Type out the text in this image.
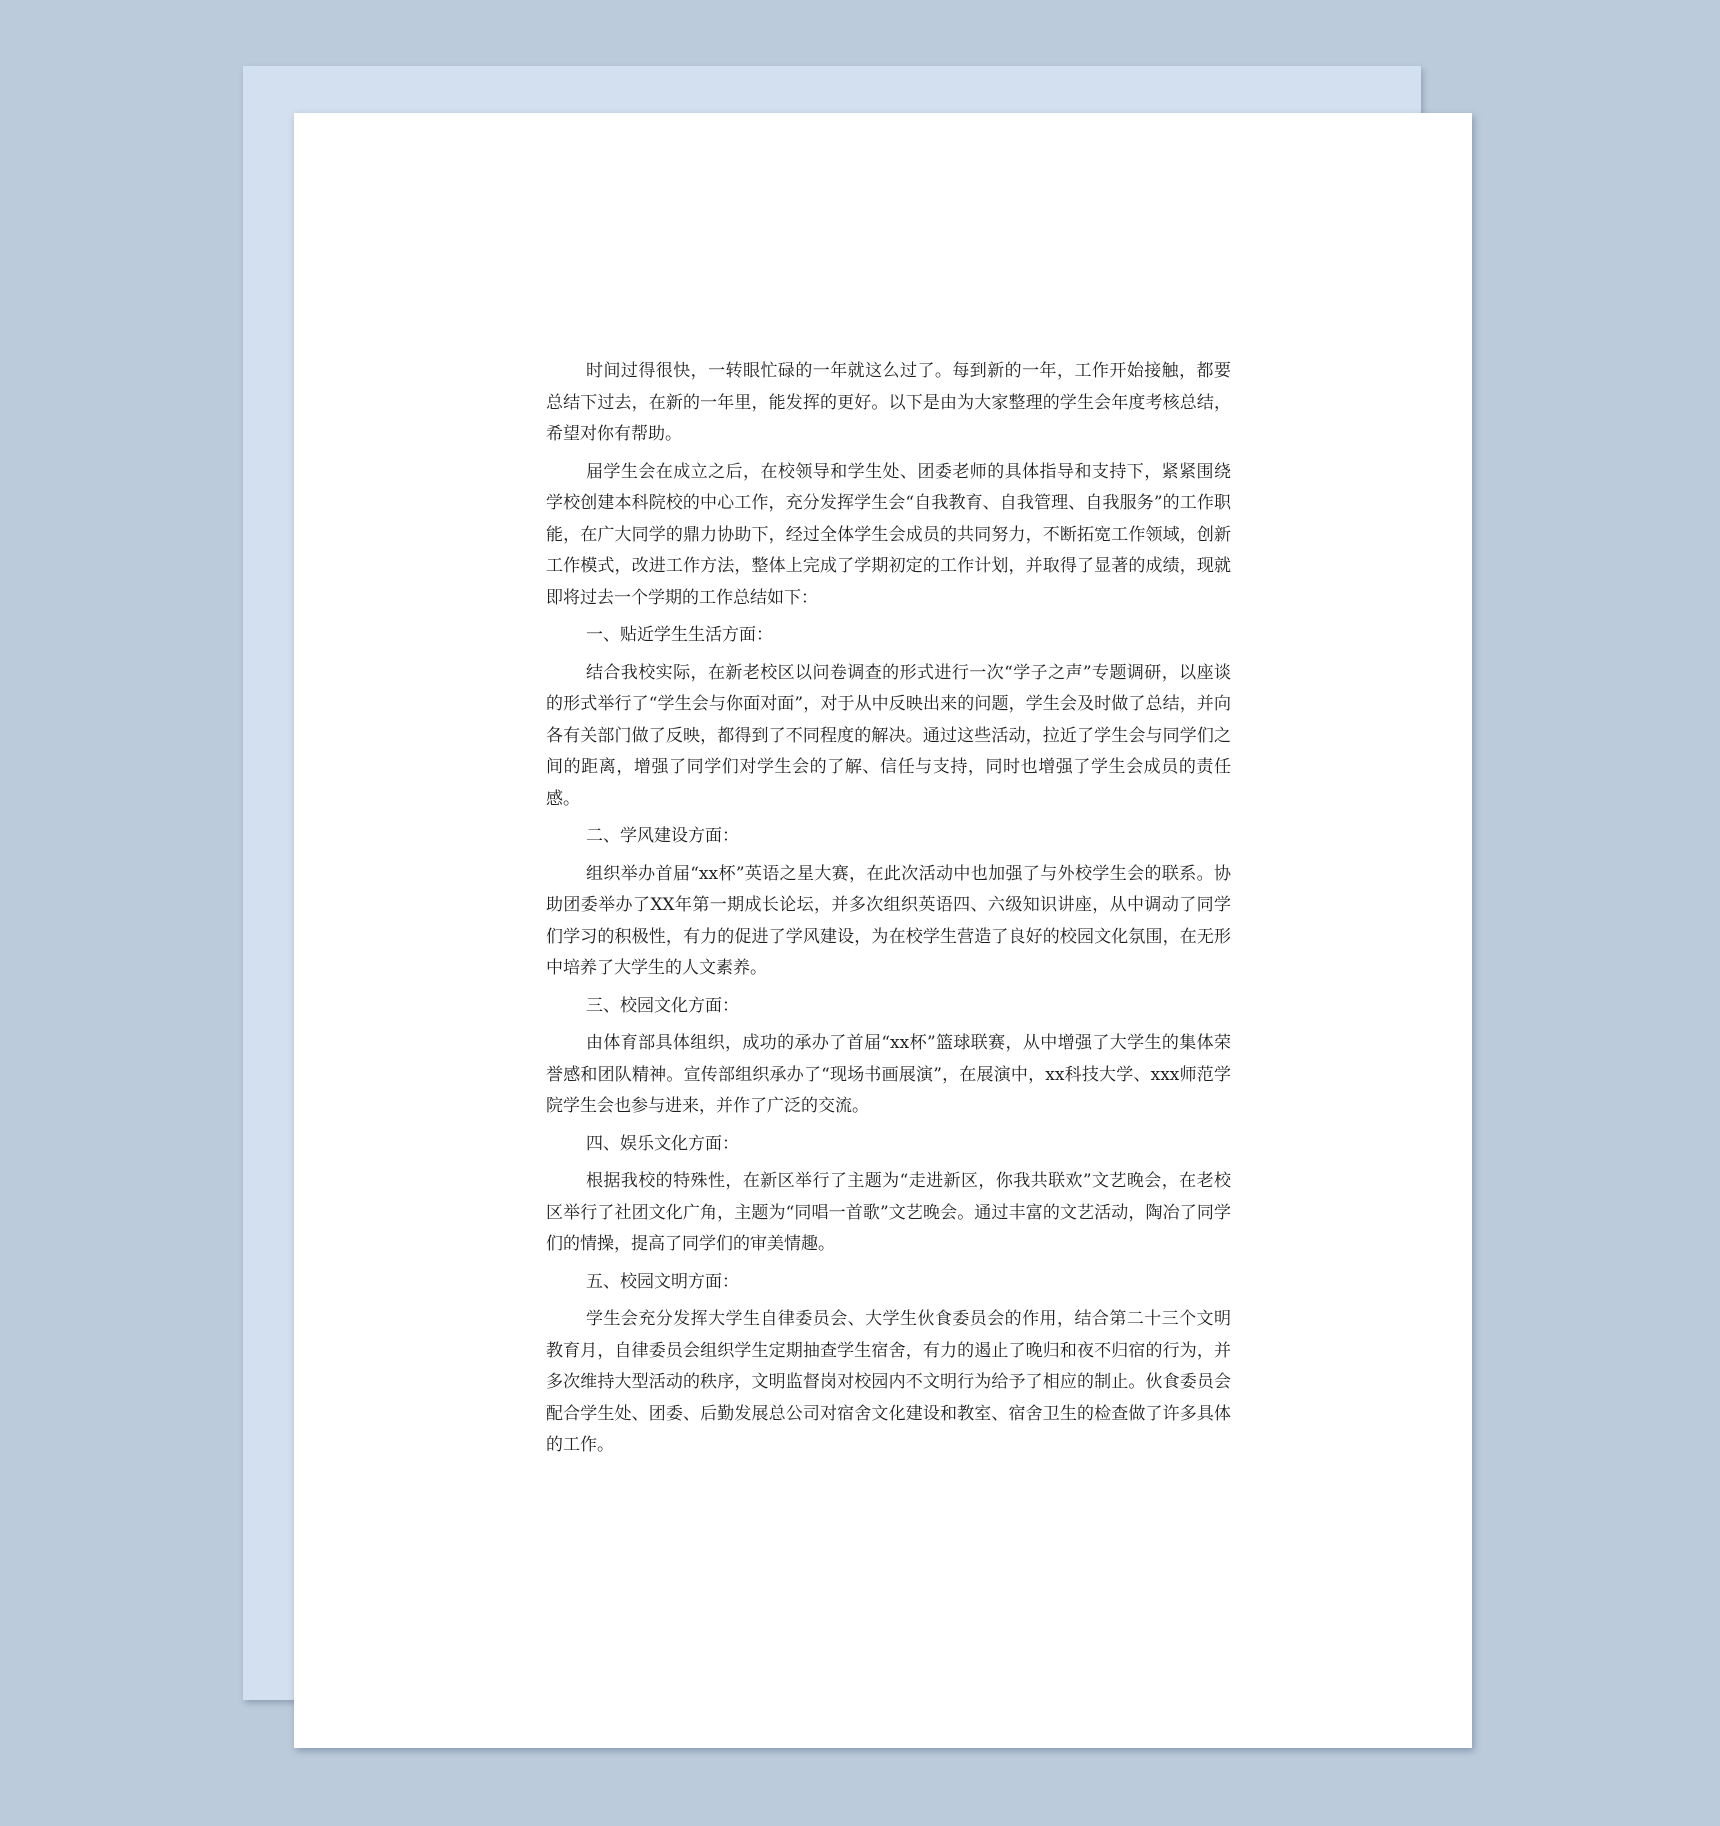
时间过得很快，一转眼忙碌的一年就这么过了。每到新的一年，工作开始接触，都要总结下过去，在新的一年里，能发挥的更好。以下是由为大家整理的学生会年度考核总结，希望对你有帮助。

届学生会在成立之后，在校领导和学生处、团委老师的具体指导和支持下，紧紧围绕学校创建本科院校的中心工作，充分发挥学生会“自我教育、自我管理、自我服务”的工作职能，在广大同学的鼎力协助下，经过全体学生会成员的共同努力，不断拓宽工作领域，创新工作模式，改进工作方法，整体上完成了学期初定的工作计划，并取得了显著的成绩，现就即将过去一个学期的工作总结如下：

一、贴近学生生活方面：

结合我校实际，在新老校区以问卷调查的形式进行一次“学子之声”专题调研，以座谈的形式举行了“学生会与你面对面”，对于从中反映出来的问题，学生会及时做了总结，并向各有关部门做了反映，都得到了不同程度的解决。通过这些活动，拉近了学生会与同学们之间的距离，增强了同学们对学生会的了解、信任与支持，同时也增强了学生会成员的责任感。

二、学风建设方面：

组织举办首届“xx杯”英语之星大赛，在此次活动中也加强了与外校学生会的联系。协助团委举办了XX年第一期成长论坛，并多次组织英语四、六级知识讲座，从中调动了同学们学习的积极性，有力的促进了学风建设，为在校学生营造了良好的校园文化氛围，在无形中培养了大学生的人文素养。

三、校园文化方面：

由体育部具体组织，成功的承办了首届“xx杯”篮球联赛，从中增强了大学生的集体荣誉感和团队精神。宣传部组织承办了“现场书画展演”，在展演中，xx科技大学、xxx师范学院学生会也参与进来，并作了广泛的交流。

四、娱乐文化方面：

根据我校的特殊性，在新区举行了主题为“走进新区，你我共联欢”文艺晚会，在老校区举行了社团文化广角，主题为“同唱一首歌”文艺晚会。通过丰富的文艺活动，陶冶了同学们的情操，提高了同学们的审美情趣。

五、校园文明方面：

学生会充分发挥大学生自律委员会、大学生伙食委员会的作用，结合第二十三个文明教育月，自律委员会组织学生定期抽查学生宿舍，有力的遏止了晚归和夜不归宿的行为，并多次维持大型活动的秩序，文明监督岗对校园内不文明行为给予了相应的制止。伙食委员会配合学生处、团委、后勤发展总公司对宿舍文化建设和教室、宿舍卫生的检查做了许多具体的工作。
